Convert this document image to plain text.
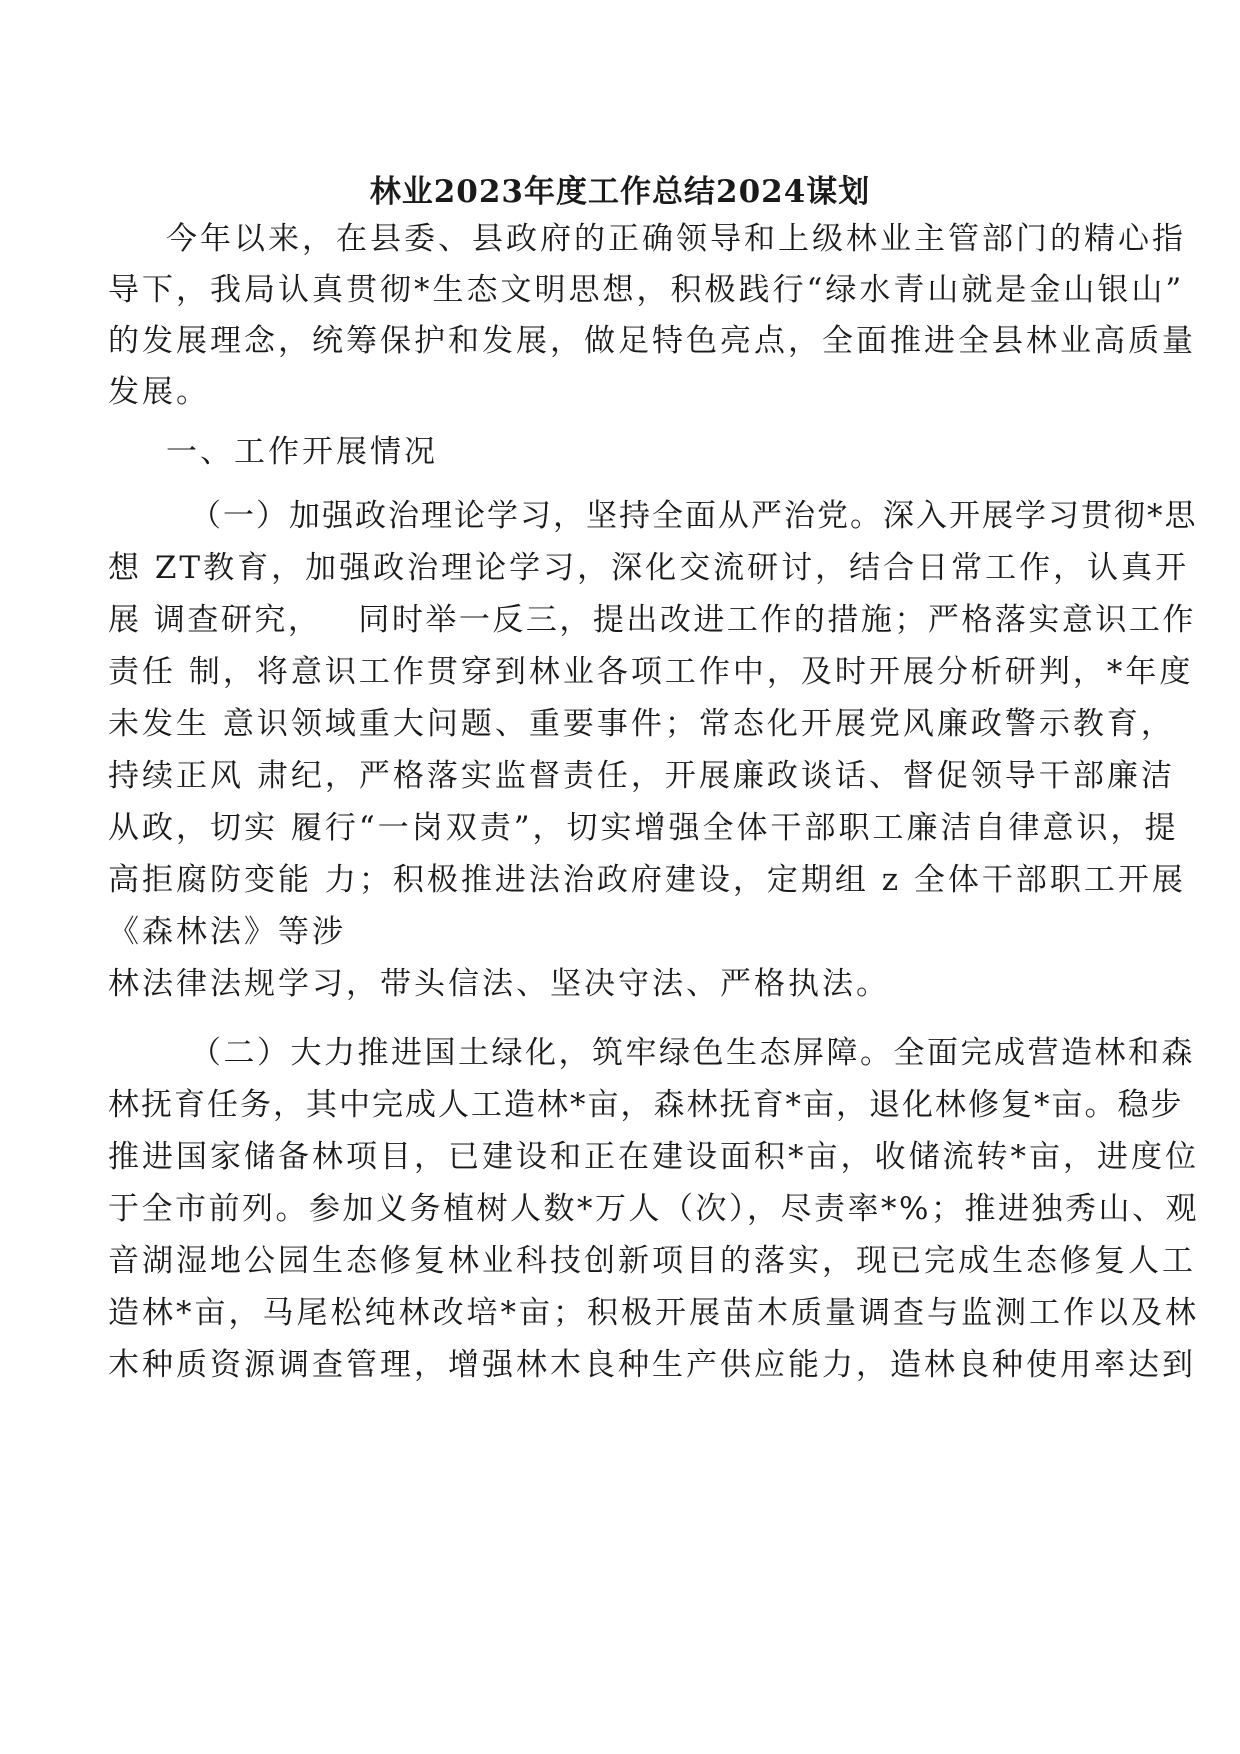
林业2023年度工作总结2024谋划
今年以来，在县委、县政府的正确领导和上级林业主管部门的精心指
导下，我局认真贯彻*生态文明思想，积极践行“绿水青山就是金山银山”
的发展理念，统筹保护和发展，做足特色亮点，全面推进全县林业高质量
发展。
一、工作开展情况
（一）加强政治理论学习，坚持全面从严治党。深入开展学习贯彻*思
想 ZT教育，加强政治理论学习，深化交流研讨，结合日常工作，认真开
展 调查研究，   同时举一反三，提出改进工作的措施；严格落实意识工作
责任 制，将意识工作贯穿到林业各项工作中，及时开展分析研判，*年度
未发生 意识领域重大问题、重要事件；常态化开展党风廉政警示教育，
持续正风 肃纪，严格落实监督责任，开展廉政谈话、督促领导干部廉洁
从政，切实 履行“一岗双责”，切实增强全体干部职工廉洁自律意识，提
高拒腐防变能 力；积极推进法治政府建设，定期组 z 全体干部职工开展
《森林法》等涉
林法律法规学习，带头信法、坚决守法、严格执法。
（二）大力推进国土绿化，筑牢绿色生态屏障。全面完成营造林和森
林抚育任务，其中完成人工造林*亩，森林抚育*亩，退化林修复*亩。稳步
推进国家储备林项目，已建设和正在建设面积*亩，收储流转*亩，进度位
于全市前列。参加义务植树人数*万人（次），尽责率*%；推进独秀山、观
音湖湿地公园生态修复林业科技创新项目的落实，现已完成生态修复人工
造林*亩，马尾松纯林改培*亩；积极开展苗木质量调查与监测工作以及林
木种质资源调查管理，增强林木良种生产供应能力，造林良种使用率达到
